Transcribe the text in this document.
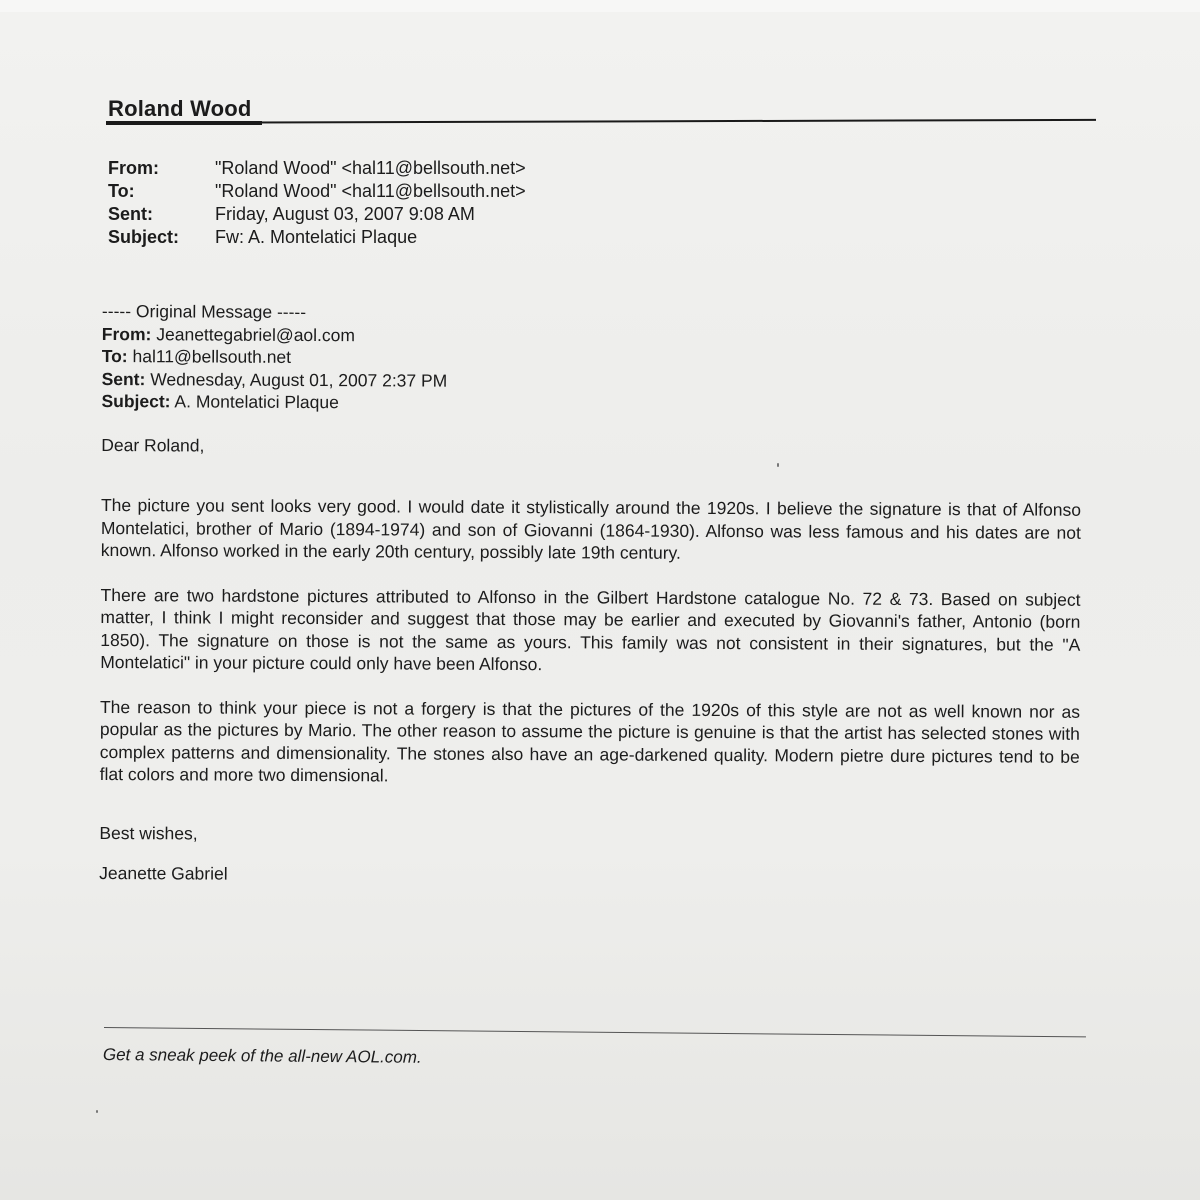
Roland Wood
From:	"Roland Wood" <hal11@bellsouth.net>
To:	"Roland Wood" <hal11@bellsouth.net>
Sent:	Friday, August 03, 2007 9:08 AM
Subject:	Fw: A. Montelatici Plaque
----- Original Message -----
From: Jeanettegabriel@aol.com
To: hal11@bellsouth.net
Sent: Wednesday, August 01, 2007 2:37 PM
Subject: A. Montelatici Plaque
Dear Roland,
The picture you sent looks very good. I would date it stylistically around the 1920s. I believe the signature is that of Alfonso Montelatici, brother of Mario (1894-1974) and son of Giovanni (1864-1930). Alfonso was less famous and his dates are not known. Alfonso worked in the early 20th century, possibly late 19th century.
There are two hardstone pictures attributed to Alfonso in the Gilbert Hardstone catalogue No. 72 & 73. Based on subject matter, I think I might reconsider and suggest that those may be earlier and executed by Giovanni's father, Antonio (born 1850). The signature on those is not the same as yours. This family was not consistent in their signatures, but the "A Montelatici" in your picture could only have been Alfonso.
The reason to think your piece is not a forgery is that the pictures of the 1920s of this style are not as well known nor as popular as the pictures by Mario. The other reason to assume the picture is genuine is that the artist has selected stones with complex patterns and dimensionality. The stones also have an age-darkened quality. Modern pietre dure pictures tend to be flat colors and more two dimensional.
Best wishes,
Jeanette Gabriel
Get a sneak peek of the all-new AOL.com.
